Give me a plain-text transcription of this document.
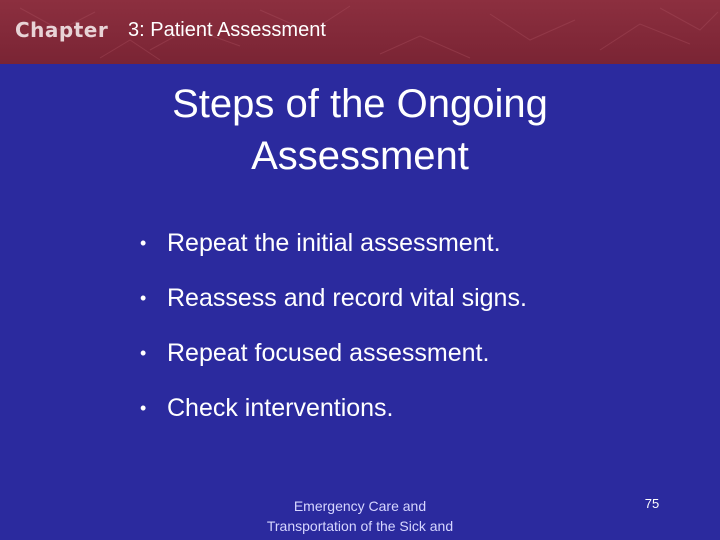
Chapter 3: Patient Assessment
Steps of the Ongoing
Assessment
• Repeat the initial assessment.
• Reassess and record vital signs.
• Repeat focused assessment.
• Check interventions.
Emergency Care and
Transportation of the Sick and
75
